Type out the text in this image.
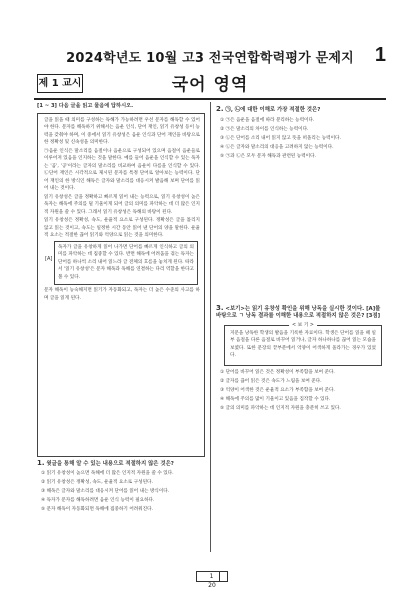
2024학년도 10월 고3 전국연합학력평가 문제지	1
제 1 교시	국어 영역
[1 ~ 3] 다음 글을 읽고 물음에 답하시오.

글을 읽을 때 의미를 구성하는 독해가 가능하려면 우선 문자를 해독할 수 있어야 한다. 문자를 해독하기 위해서는 음운 인식, 단어 재인, 읽기 유창성 등이 능력을 갖춰야 하며, 이 중에서 읽기 유창성은 음운 인식과 단어 재인을 바탕으로 한 정확성 및 신속성을 의미한다.

㉠음운 인식은 말소리를 음절이나 음운으로 구성되어 있으며 음절이 음운들로 이루어져 있음을 인지하는 것을 말한다. 예를 들어 음운을 인식할 수 있는 독자는 '곰', '공'이라는 글자의 말소리를 비교하여 음운이 다름을 인식할 수 있다. ㉡단어 재인은 시각적으로 제시된 문자를 특정 단어로 알아보는 능력이다. 단어 재인의 한 방식인 해독은 글자와 말소리를 대응시켜 발음해 보며 단어를 읽어 내는 것이다.

읽기 유창성은 글을 정확하고 빠르게 읽어 내는 능력으로, 읽기 유창성이 높은 독자는 해독에 주의를 덜 기울이게 되어 글의 의미를 파악하는 데 더 많은 인지적 자원을 쓸 수 있다. 그래서 읽기 유창성은 독해의 바탕이 된다.

읽기 유창성은 정확성, 속도, 운율적 요소로 구성된다. 정확성은 글을 틀리지 않고 읽는 것이고, 속도는 일정한 시간 동안 읽어 낸 단어의 양을 말한다. 운율적 요소는 적절한 끊어 읽기와 억양으로 읽는 것을 의미한다.

[A]

독자가 글을 유창하게 읽어 나가면 단어를 빠르게 인식하고 글의 의미를 파악하는 데 집중할 수 있다. 반면 해독에 어려움을 겪는 독자는 단어를 하나씩 소리 내어 읽느라 글 전체의 흐름을 놓치게 된다. 따라서 '읽기 유창성'은 문자 해독과 독해를 연결하는 다리 역할을 한다고 볼 수 있다.

문자 해독이 능숙해지면 읽기가 자동화되고, 독자는 더 높은 수준의 사고를 하며 글을 읽게 된다.

1. 윗글을 통해 알 수 있는 내용으로 적절하지 않은 것은?
① 읽기 유창성이 높으면 독해에 더 많은 인지적 자원을 쓸 수 있다.
② 읽기 유창성은 정확성, 속도, 운율적 요소로 구성된다.
③ 해독은 글자와 말소리를 대응시켜 단어를 읽어 내는 방식이다.
④ 독자가 문자를 해독하려면 음운 인식 능력이 필요하다.
⑤ 문자 해독이 자동화되면 독해에 집중하기 어려워진다.
2. ㉠, ㉡에 대한 이해로 가장 적절한 것은?
① ㉠은 음운을 음절에 따라 분리하는 능력이다.
② ㉠은 말소리의 차이를 인식하는 능력이다.
③ ㉡은 단어를 소리 내어 읽지 않고 뜻을 떠올리는 능력이다.
④ ㉡은 글자와 말소리의 대응을 고려하지 않는 능력이다.
⑤ ㉠과 ㉡은 모두 문자 해독과 관련된 능력이다.
3. <보기>는 읽기 유창성 확인을 위해 낭독을 실시한 것이다. [A]를 바탕으로 ㄱ 낭독 결과를 이해한 내용으로 적절하지 않은 것은? [3점]
< 보 기 >

지문을 낭독한 학생의 발음을 기록한 자료이다. 학생은 단어를 읽을 때 일부 음절을 다른 음절로 바꾸어 읽거나, 글자 하나하나를 끊어 읽는 모습을 보였다. 또한 문장의 끝부분에서 억양이 어색하게 올라가는 경우가 있었다.

① 단어를 바꾸어 읽은 것은 정확성이 부족함을 보여 준다.
② 글자를 끊어 읽은 것은 속도가 느림을 보여 준다.
③ 억양이 어색한 것은 운율적 요소가 부족함을 보여 준다.
④ 해독에 주의를 많이 기울이고 있음을 짐작할 수 있다.
⑤ 글의 의미를 파악하는 데 인지적 자원을 충분히 쓰고 있다.
120
